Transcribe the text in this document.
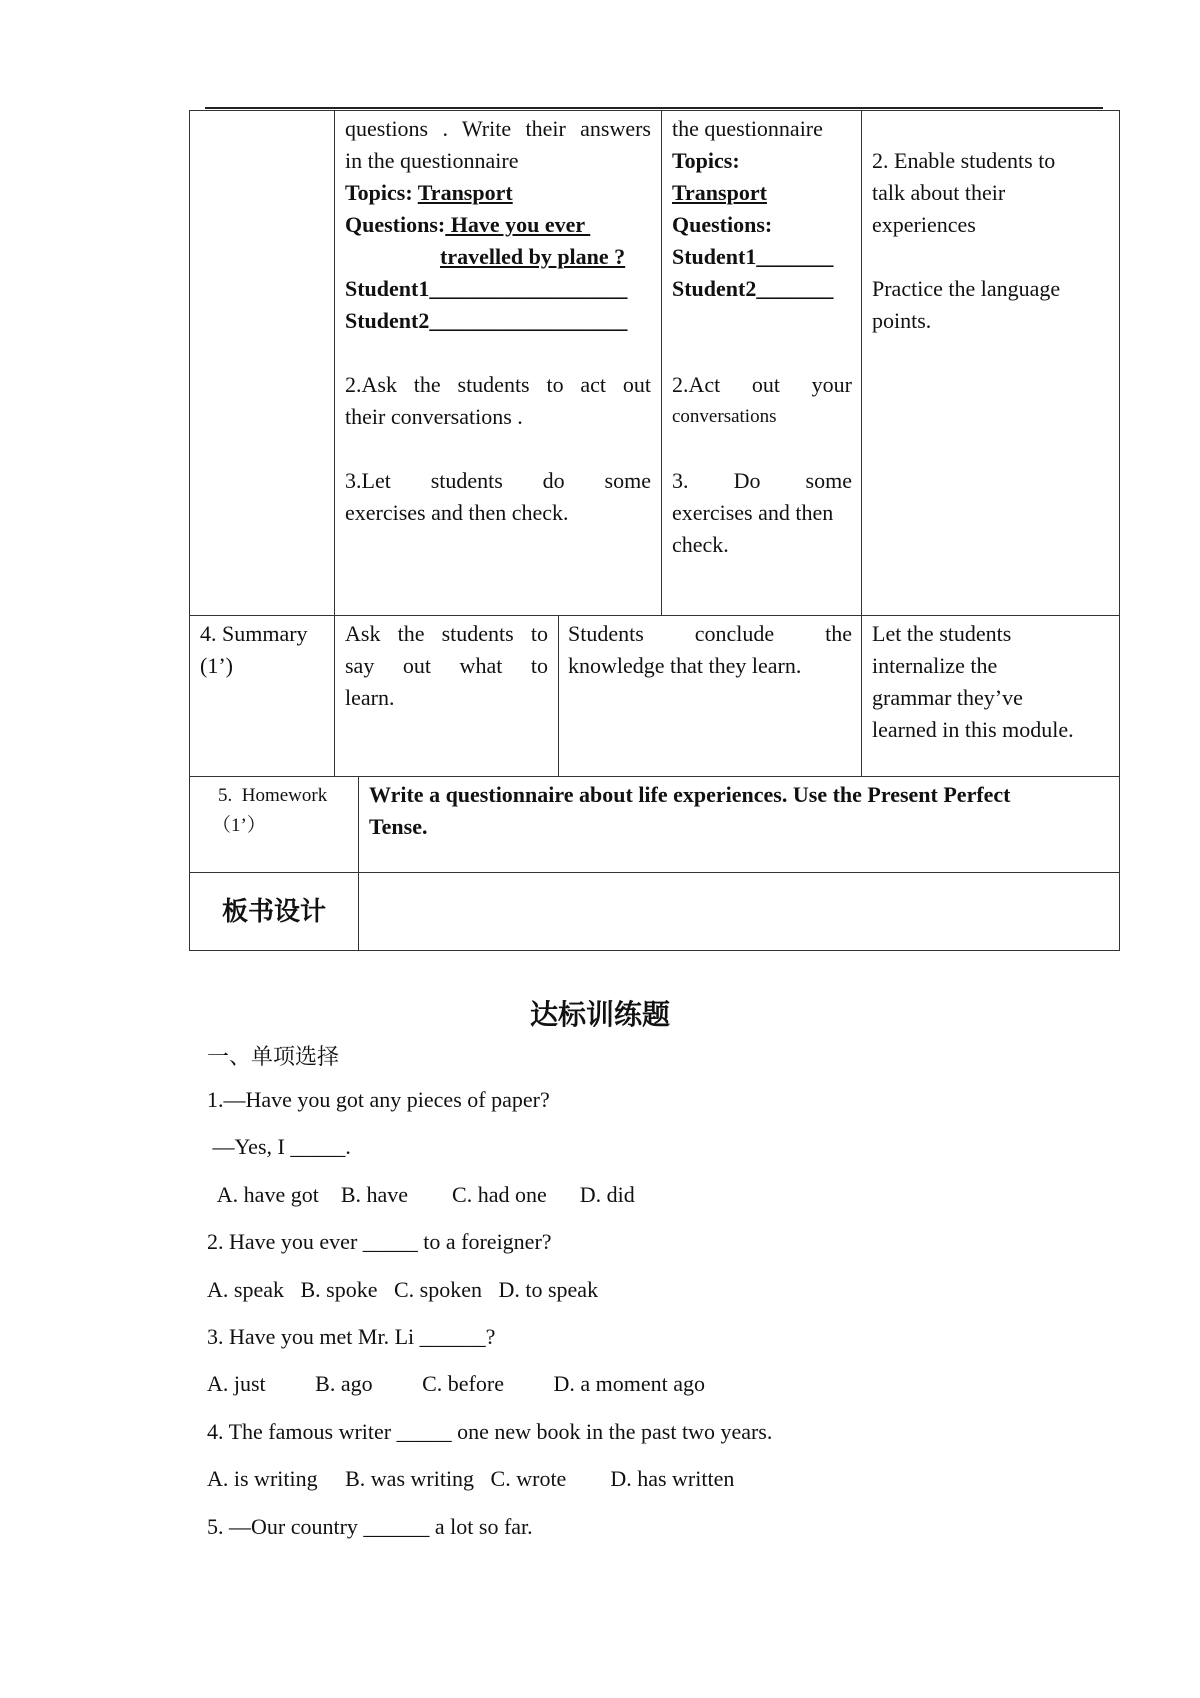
questions . Write their answers

in the questionnaire

Topics: Transport

Questions: Have you ever

travelled by plane ?

Student1__________________

Student2__________________

2.Ask the students to act out

their conversations .

3.Let students do some

exercises and then check.

the questionnaire

Topics:

Transport

Questions:

Student1_______

Student2_______

2.Act out your

conversations

3. Do some

exercises and then

check.

2. Enable students to

talk about their

experiences

Practice the language

points.

4. Summary

(1’)

Ask the students to

say out what to

learn.

Students conclude the

knowledge that they learn.

Let the students

internalize the

grammar they’ve

learned in this module.

5.  Homework

（1’）

Write a questionnaire about life experiences. Use the Present Perfect

Tense.

板书设计
达标训练题
一、单项选择
1.—Have you got any pieces of paper?
—Yes, I _____.
A. have got    B. have        C. had one      D. did
2. Have you ever _____ to a foreigner?
A. speak   B. spoke   C. spoken   D. to speak
3. Have you met Mr. Li ______?
A. just         B. ago         C. before         D. a moment ago
4. The famous writer _____ one new book in the past two years.
A. is writing     B. was writing   C. wrote        D. has written
5. —Our country ______ a lot so far.
